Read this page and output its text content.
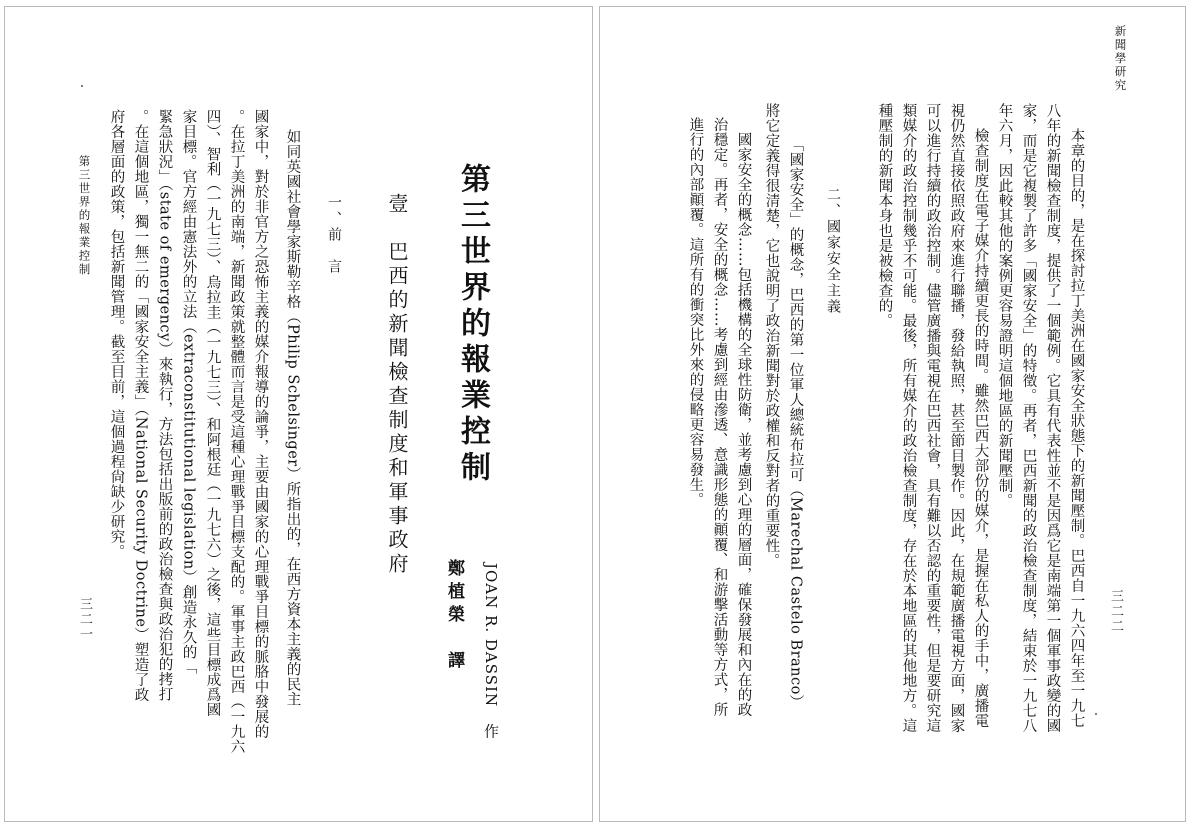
第三世界的報業控制
三二一
府各層面的政策，包括新聞管理。截至目前，這個過程尙缺少研究。 。在這個地區，獨一無二的「國家安全主義」（National Security Doctrine）塑造了政 緊急狀況」（state of emergency）來執行，方法包括出版前的政治檢查與政治犯的拷打 家目標。官方經由憲法外的立法（extraconstitutional legislation）創造永久的「 四）、智利（一九七三）、烏拉圭（一九七三）、和阿根廷（一九七六）之後，這些目標成爲國 。在拉丁美洲的南端，新聞政策就整體而言是受這種心理戰爭目標支配的。軍事主政巴西（一九六 國家中，對於非官方之恐怖主義的媒介報導的論爭，主要由國家的心理戰爭目標的脈胳中發展的 如同英國社會學家斯勒辛格（Philip Schelsinger）所指出的，在西方資本主義的民主 一、前　言 壹　巴西的新聞檢查制度和軍事政府 第三世界的報業控制
鄭植榮　譯 JOAN R. DASSIN　作
新聞學研究
三二二
　本章的目的，是在探討拉丁美洲在國家安全狀態下的新聞壓制。巴西自一九六四年至一九七
八年的新聞檢查制度，提供了一個範例。它具有代表性並不是因爲它是南端第一個軍事政變的國
家，而是它複製了許多「國家安全」的特徵。再者，巴西新聞的政治檢查制度，結束於一九七八
年六月，因此較其他的案例更容易證明這個地區的新聞壓制。
　檢查制度在電子媒介持續更長的時間。雖然巴西大部份的媒介，是握在私人的手中，廣播電
視仍然直接依照政府來進行聯播，發給執照，甚至節目製作。因此，在規範廣播電視方面，國家
可以進行持續的政治控制。儘管廣播與電視在巴西社會，具有難以否認的重要性，但是要研究這
類媒介的政治控制幾乎不可能。最後，所有媒介的政治檢查制度，存在於本地區的其他地方。這
種壓制的新聞本身也是被檢查的。
二、國家安全主義
「國家安全」的概念，巴西的第一位軍人總統布拉可（Marechal Castelo Branco）
將它定義得很清楚，它也說明了政治新聞對於政權和反對者的重要性。
　國家安全的概念……包括機構的全球性防衛，並考慮到心理的層面，確保發展和內在的政
治穩定。再者，安全的概念……考慮到經由滲透、意識形態的顚覆、和游擊活動等方式，所
進行的內部顚覆。這所有的衝突比外來的侵略更容易發生。
